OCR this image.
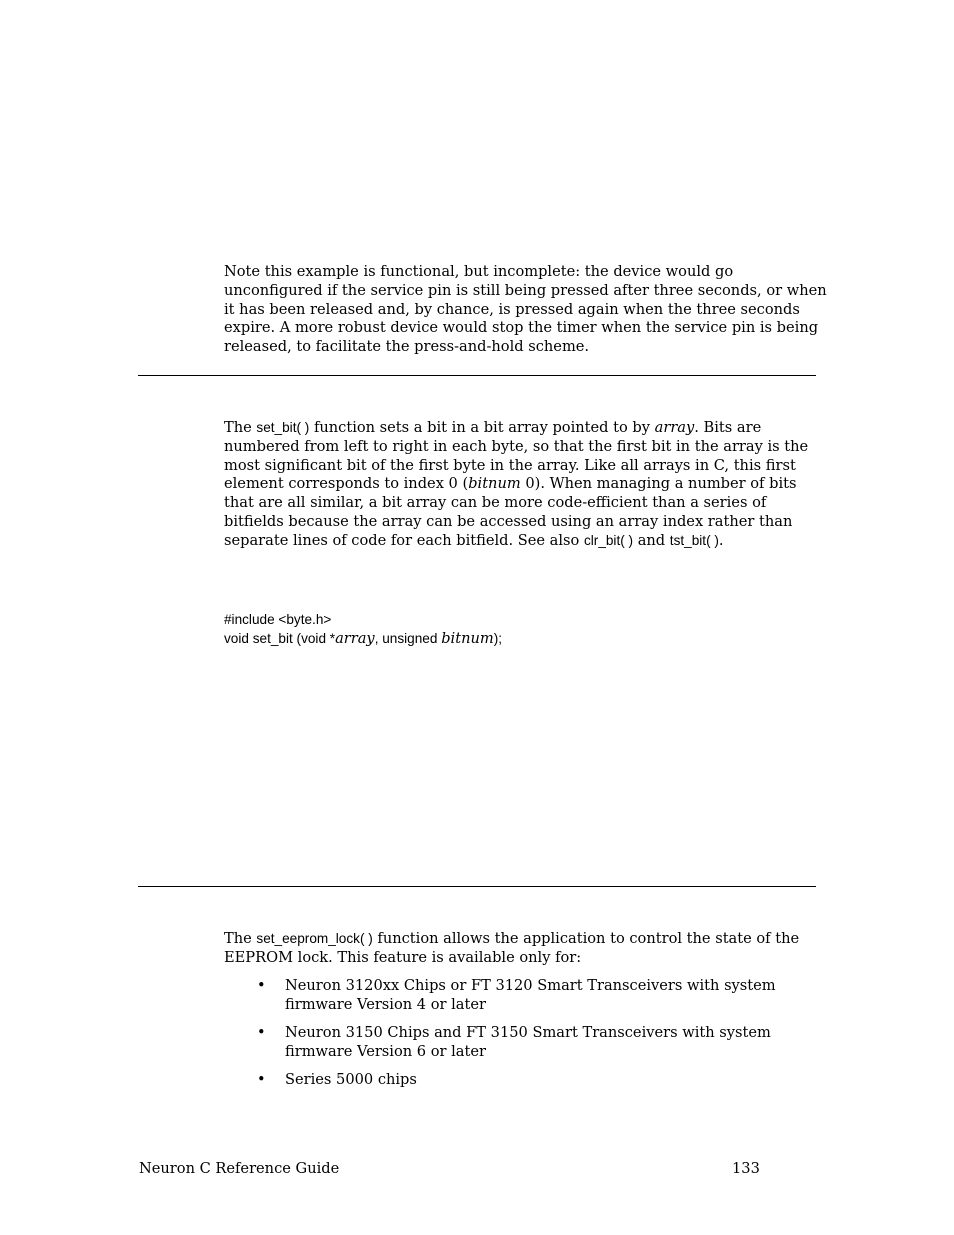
Note this example is functional, but incomplete: the device would go
unconfigured if the service pin is still being pressed after three seconds, or when
it has been released and, by chance, is pressed again when the three seconds
expire. A more robust device would stop the timer when the service pin is being
released, to facilitate the press-and-hold scheme.
The set_bit( ) function sets a bit in a bit array pointed to by array. Bits are
numbered from left to right in each byte, so that the first bit in the array is the
most significant bit of the first byte in the array. Like all arrays in C, this first
element corresponds to index 0 (bitnum 0). When managing a number of bits
that are all similar, a bit array can be more code-efficient than a series of
bitfields because the array can be accessed using an array index rather than
separate lines of code for each bitfield. See also clr_bit( ) and tst_bit( ).
#include <byte.h>
void set_bit (void *array, unsigned bitnum);
The set_eeprom_lock( ) function allows the application to control the state of the
EEPROM lock. This feature is available only for:
• Neuron 3120xx Chips or FT 3120 Smart Transceivers with system
firmware Version 4 or later
• Neuron 3150 Chips and FT 3150 Smart Transceivers with system
firmware Version 6 or later
• Series 5000 chips
Neuron C Reference Guide	133
